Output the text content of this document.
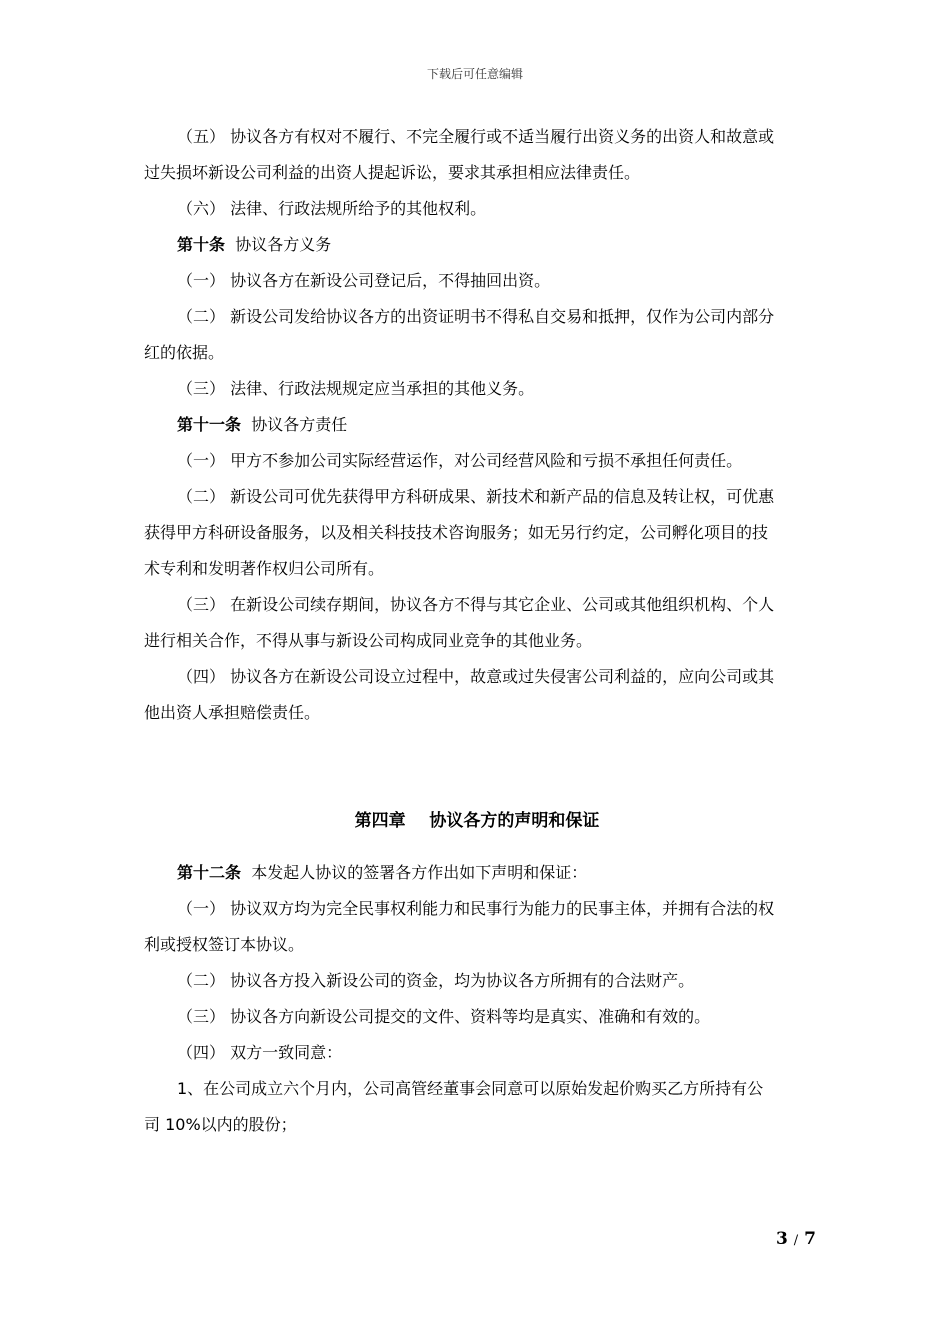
下载后可任意编辑
（五） 协议各方有权对不履行、不完全履行或不适当履行出资义务的出资人和故意或
过失损坏新设公司利益的出资人提起诉讼，要求其承担相应法律责任。
（六） 法律、行政法规所给予的其他权利。
第十条 协议各方义务
（一） 协议各方在新设公司登记后，不得抽回出资。
（二） 新设公司发给协议各方的出资证明书不得私自交易和抵押，仅作为公司内部分
红的依据。
（三） 法律、行政法规规定应当承担的其他义务。
第十一条 协议各方责任
（一） 甲方不参加公司实际经营运作，对公司经营风险和亏损不承担任何责任。
（二） 新设公司可优先获得甲方科研成果、新技术和新产品的信息及转让权，可优惠
获得甲方科研设备服务，以及相关科技技术咨询服务；如无另行约定，公司孵化项目的技
术专利和发明著作权归公司所有。
（三） 在新设公司续存期间，协议各方不得与其它企业、公司或其他组织机构、个人
进行相关合作，不得从事与新设公司构成同业竞争的其他业务。
（四） 协议各方在新设公司设立过程中，故意或过失侵害公司利益的，应向公司或其
他出资人承担赔偿责任。
第四章    协议各方的声明和保证
第十二条 本发起人协议的签署各方作出如下声明和保证：
（一） 协议双方均为完全民事权利能力和民事行为能力的民事主体，并拥有合法的权
利或授权签订本协议。
（二） 协议各方投入新设公司的资金，均为协议各方所拥有的合法财产。
（三） 协议各方向新设公司提交的文件、资料等均是真实、准确和有效的。
（四） 双方一致同意：
1、在公司成立六个月内，公司高管经董事会同意可以原始发起价购买乙方所持有公
司 10%以内的股份；
3 / 7
